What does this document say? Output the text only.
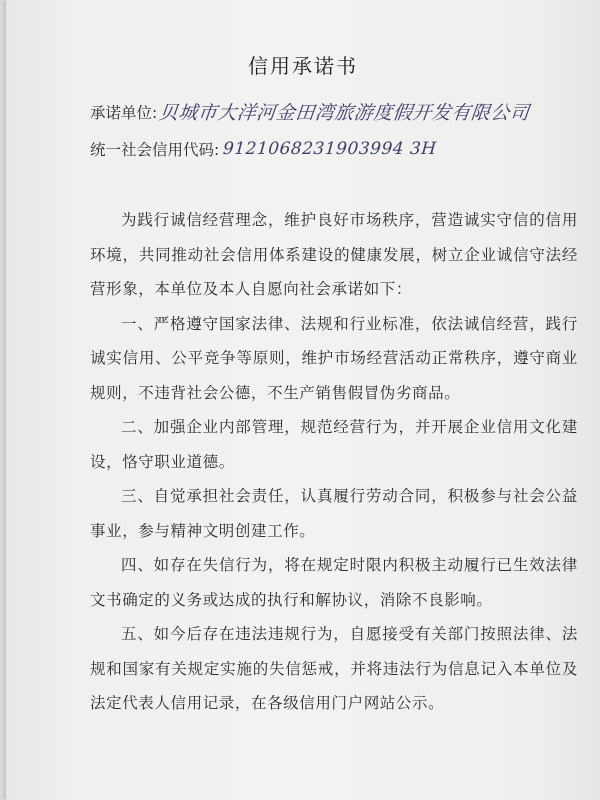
信用承诺书
承诺单位:贝城市大洋河金田湾旅游度假开发有限公司
统一社会信用代码: 9121068231903994 3H

为践行诚信经营理念，维护良好市场秩序，营造诚实守信的信用环境，共同推动社会信用体系建设的健康发展，树立企业诚信守法经营形象，本单位及本人自愿向社会承诺如下：

一、严格遵守国家法律、法规和行业标准，依法诚信经营，践行诚实信用、公平竞争等原则，维护市场经营活动正常秩序，遵守商业规则，不违背社会公德，不生产销售假冒伪劣商品。

二、加强企业内部管理，规范经营行为，并开展企业信用文化建设，恪守职业道德。

三、自觉承担社会责任，认真履行劳动合同，积极参与社会公益事业，参与精神文明创建工作。

四、如存在失信行为，将在规定时限内积极主动履行已生效法律文书确定的义务或达成的执行和解协议，消除不良影响。

五、如今后存在违法违规行为，自愿接受有关部门按照法律、法规和国家有关规定实施的失信惩戒，并将违法行为信息记入本单位及法定代表人信用记录，在各级信用门户网站公示。
